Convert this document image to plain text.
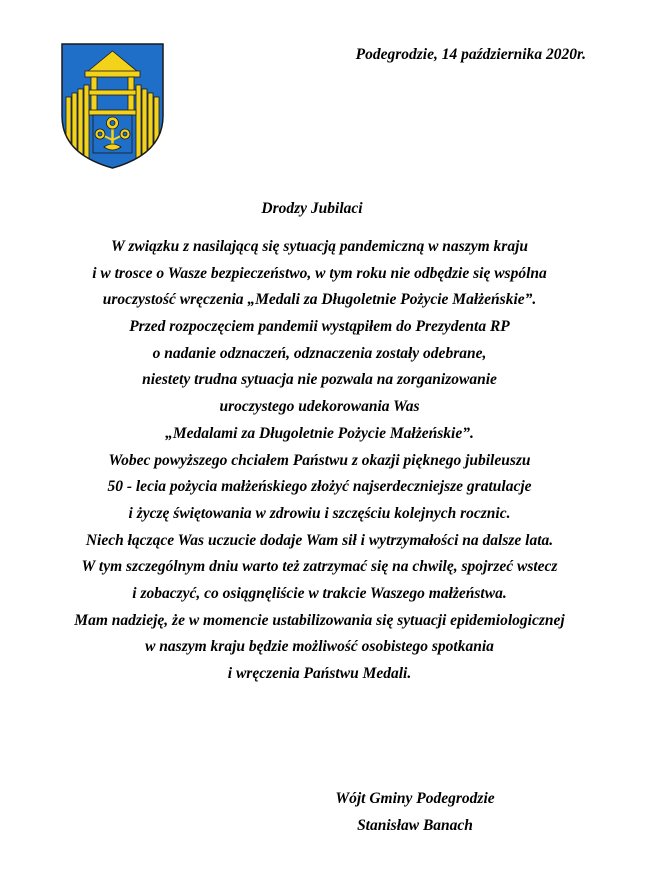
Podegrodzie, 14 października 2020r.
Drodzy Jubilaci
W związku z nasilającą się sytuacją pandemiczną w naszym kraju
i w trosce o Wasze bezpieczeństwo, w tym roku nie odbędzie się wspólna
uroczystość wręczenia „Medali za Długoletnie Pożycie Małżeńskie”.
Przed rozpoczęciem pandemii wystąpiłem do Prezydenta RP
o nadanie odznaczeń, odznaczenia zostały odebrane,
niestety trudna sytuacja nie pozwala na zorganizowanie
uroczystego udekorowania Was
„Medalami za Długoletnie Pożycie Małżeńskie”.
Wobec powyższego chciałem Państwu z okazji pięknego jubileuszu
50 - lecia pożycia małżeńskiego złożyć najserdeczniejsze gratulacje
i życzę świętowania w zdrowiu i szczęściu kolejnych rocznic.
Niech łączące Was uczucie dodaje Wam sił i wytrzymałości na dalsze lata.
W tym szczególnym dniu warto też zatrzymać się na chwilę, spojrzeć wstecz
i zobaczyć, co osiągnęliście w trakcie Waszego małżeństwa.
Mam nadzieję, że w momencie ustabilizowania się sytuacji epidemiologicznej
w naszym kraju będzie możliwość osobistego spotkania
i wręczenia Państwu Medali.
Wójt Gminy Podegrodzie
Stanisław Banach
